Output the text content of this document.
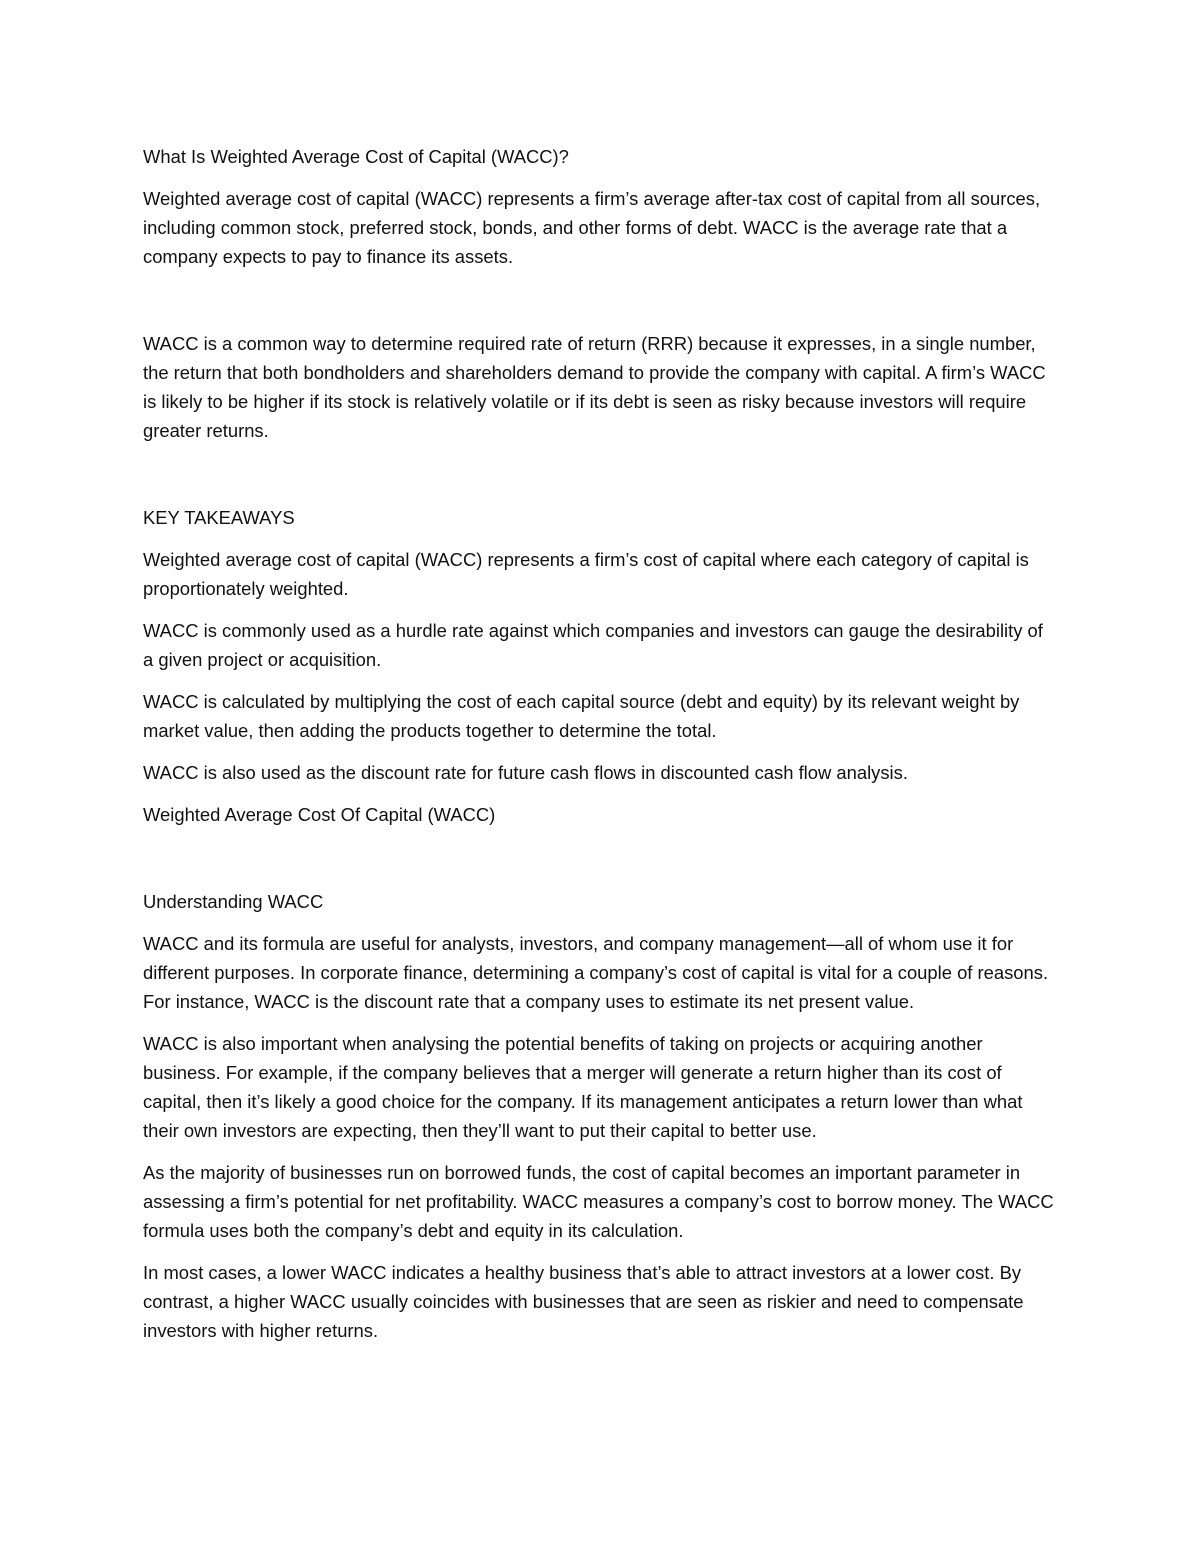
What Is Weighted Average Cost of Capital (WACC)?

Weighted average cost of capital (WACC) represents a firm’s average after-tax cost of capital from all sources, including common stock, preferred stock, bonds, and other forms of debt. WACC is the average rate that a company expects to pay to finance its assets.

WACC is a common way to determine required rate of return (RRR) because it expresses, in a single number, the return that both bondholders and shareholders demand to provide the company with capital. A firm’s WACC is likely to be higher if its stock is relatively volatile or if its debt is seen as risky because investors will require greater returns.

KEY TAKEAWAYS

Weighted average cost of capital (WACC) represents a firm’s cost of capital where each category of capital is proportionately weighted.

WACC is commonly used as a hurdle rate against which companies and investors can gauge the desirability of a given project or acquisition.

WACC is calculated by multiplying the cost of each capital source (debt and equity) by its relevant weight by market value, then adding the products together to determine the total.

WACC is also used as the discount rate for future cash flows in discounted cash flow analysis.

Weighted Average Cost Of Capital (WACC)

Understanding WACC

WACC and its formula are useful for analysts, investors, and company management—all of whom use it for different purposes. In corporate finance, determining a company’s cost of capital is vital for a couple of reasons. For instance, WACC is the discount rate that a company uses to estimate its net present value.

WACC is also important when analysing the potential benefits of taking on projects or acquiring another business. For example, if the company believes that a merger will generate a return higher than its cost of capital, then it’s likely a good choice for the company. If its management anticipates a return lower than what their own investors are expecting, then they’ll want to put their capital to better use.

As the majority of businesses run on borrowed funds, the cost of capital becomes an important parameter in assessing a firm’s potential for net profitability. WACC measures a company’s cost to borrow money. The WACC formula uses both the company’s debt and equity in its calculation.

In most cases, a lower WACC indicates a healthy business that’s able to attract investors at a lower cost. By contrast, a higher WACC usually coincides with businesses that are seen as riskier and need to compensate investors with higher returns.
